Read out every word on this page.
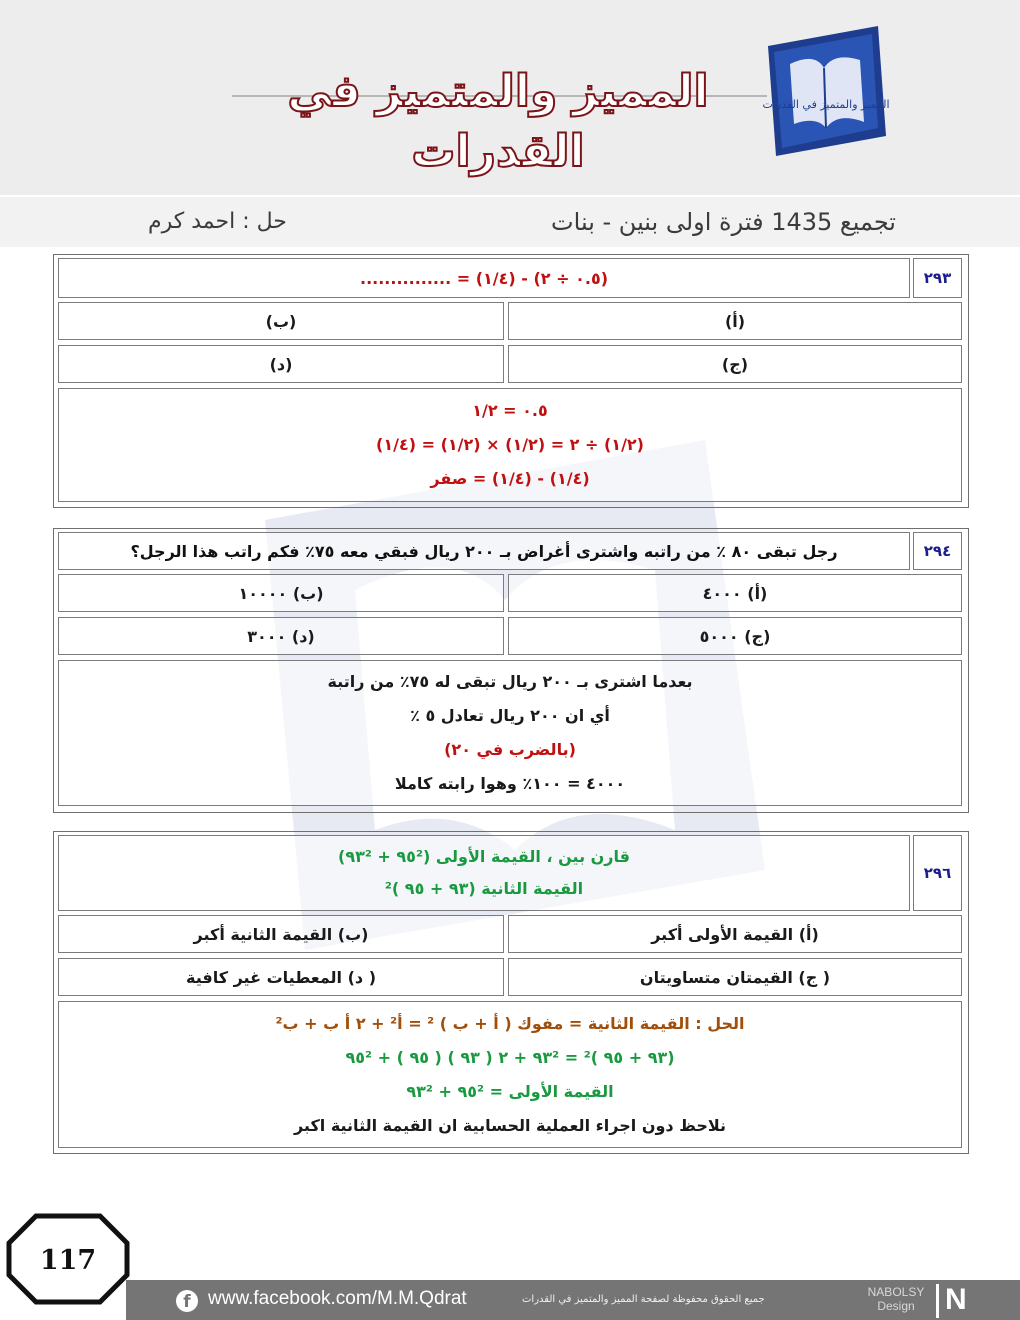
المميز والمتميز في القدرات
المميز والمتميز في القدرات
تجميع 1435 فترة اولى بنين - بنات
حل : احمد كرم
٢٩٣
(٠.٥ ÷ ٢) - (١/٤) = ...............
(أ)
(ب)
(ج)
(د)
٠.٥ = ١/٢
(١/٢) ÷ ٢ = (١/٢) × (١/٢) = (١/٤)
(١/٤) - (١/٤) = صفر
٢٩٤
رجل تبقى ٨٠ ٪ من راتبه واشترى أغراض بـ ٢٠٠ ريال فبقي معه ٧٥٪ فكم راتب هذا الرجل؟
(أ) ٤٠٠٠
(ب) ١٠٠٠٠
(ج) ٥٠٠٠
(د) ٣٠٠٠
بعدما اشترى بـ ٢٠٠ ريال تبقى له ٧٥٪ من راتبة
أي ان ٢٠٠ ريال تعادل ٥ ٪
(بالضرب في ٢٠)
٤٠٠٠ = ١٠٠٪ وهوا رابته كاملا
٢٩٦
قارن بين ، القيمة الأولى (٩٥² + ٩٣²)
القيمة الثانية (٩٣ + ٩٥ )²
(أ) القيمة الأولى أكبر
(ب) القيمة الثانية أكبر
( ج) القيمتان متساويتان
( د) المعطيات غير كافية
الحل : القيمة الثانية = مفوك ( أ + ب ) ² = أ² + ٢ أ ب + ب²
(٩٣ + ٩٥ )² = ٩٣² + ٢ ( ٩٣ ) ( ٩٥ ) + ٩٥²
القيمة الأولى = ٩٥² + ٩٣²
نلاحظ دون اجراء العملية الحسابية ان القيمة الثانية اكبر
117
f www.facebook.com/M.M.Qdrat	جميع الحقوق محفوظة لصفحة المميز والمتميز في القدرات
NABOLSY
Design	N
